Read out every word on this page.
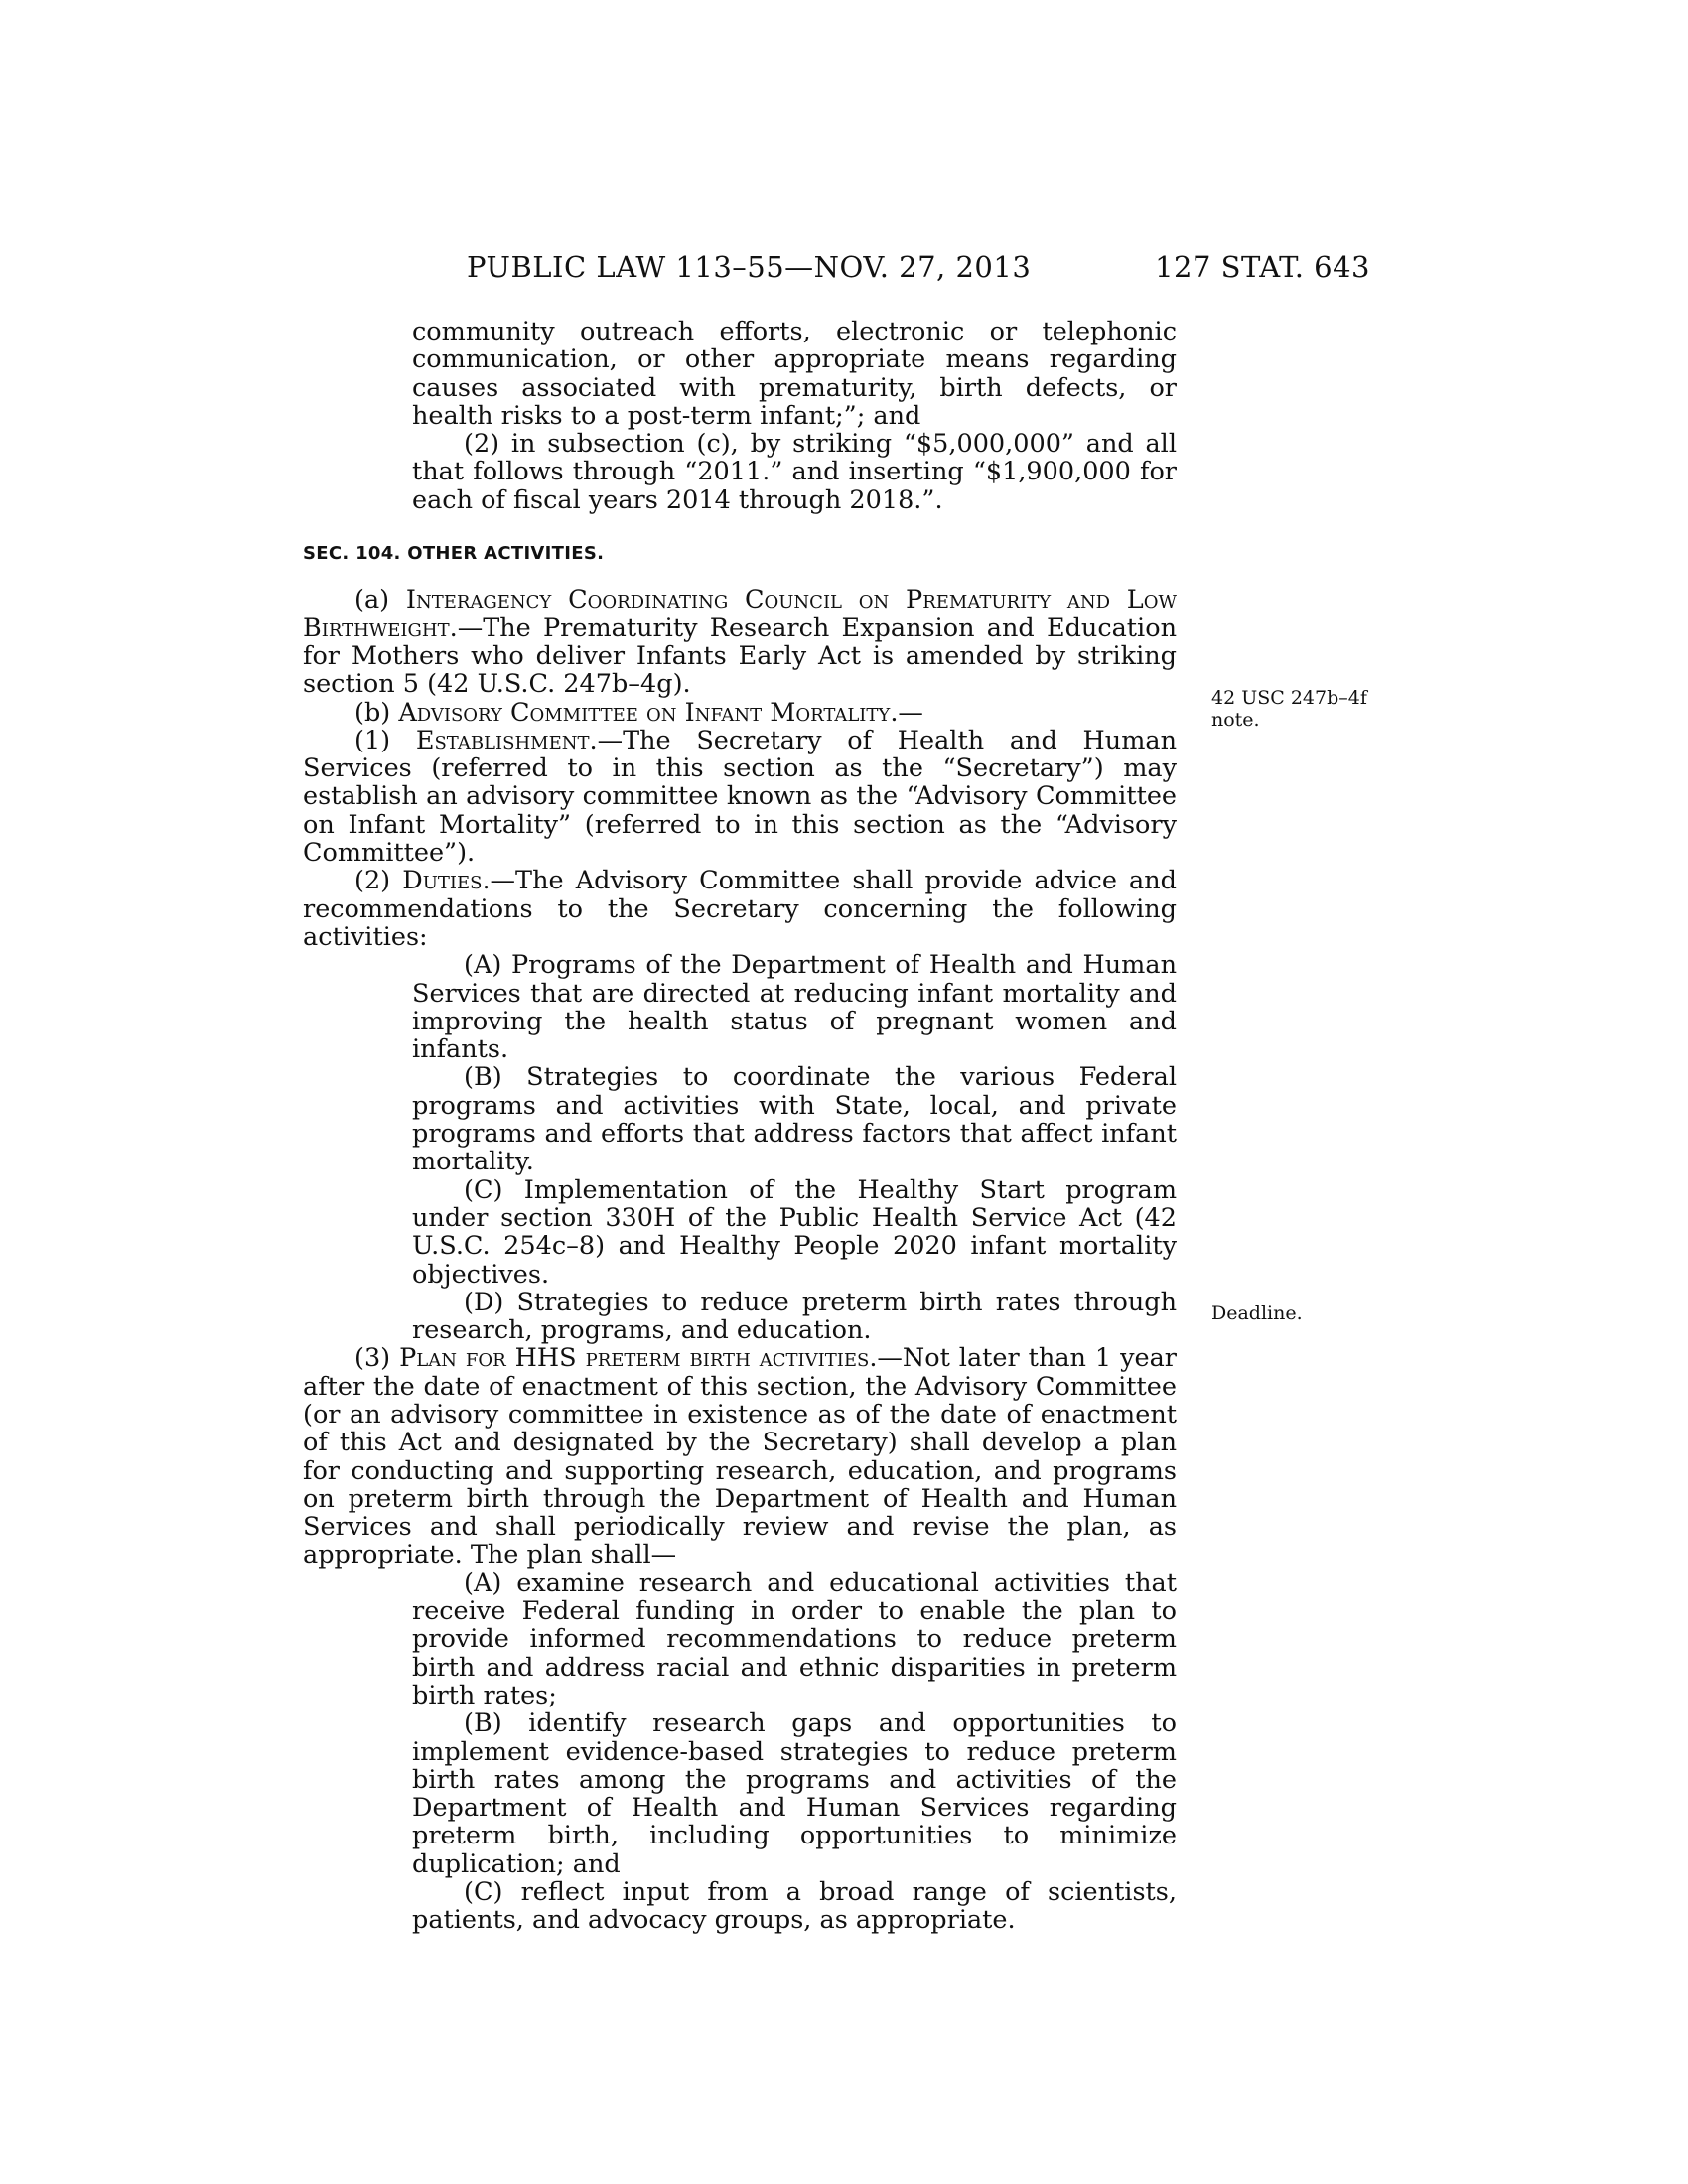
PUBLIC LAW 113–55—NOV. 27, 2013	127 STAT. 643
42 USC 247b–4f
note.
Deadline.

community outreach efforts, electronic or telephonic communication, or other appropriate means regarding causes associated with prematurity, birth defects, or health risks to a post-term infant;”; and

(2) in subsection (c), by striking “$5,000,000” and all that follows through “2011.” and inserting “$1,900,000 for each of fiscal years 2014 through 2018.”.

SEC. 104. OTHER ACTIVITIES.

(a) Interagency Coordinating Council on Prematurity and Low Birthweight.—The Prematurity Research Expansion and Education for Mothers who deliver Infants Early Act is amended by striking section 5 (42 U.S.C. 247b–4g).

(b) Advisory Committee on Infant Mortality.—

(1) Establishment.—The Secretary of Health and Human Services (referred to in this section as the “Secretary”) may establish an advisory committee known as the “Advisory Committee on Infant Mortality” (referred to in this section as the “Advisory Committee”).

(2) Duties.—The Advisory Committee shall provide advice and recommendations to the Secretary concerning the following activities:

(A) Programs of the Department of Health and Human Services that are directed at reducing infant mortality and improving the health status of pregnant women and infants.

(B) Strategies to coordinate the various Federal programs and activities with State, local, and private programs and efforts that address factors that affect infant mortality.

(C) Implementation of the Healthy Start program under section 330H of the Public Health Service Act (42 U.S.C. 254c–8) and Healthy People 2020 infant mortality objectives.

(D) Strategies to reduce preterm birth rates through research, programs, and education.

(3) Plan for HHS preterm birth activities.—Not later than 1 year after the date of enactment of this section, the Advisory Committee (or an advisory committee in existence as of the date of enactment of this Act and designated by the Secretary) shall develop a plan for conducting and supporting research, education, and programs on preterm birth through the Department of Health and Human Services and shall periodically review and revise the plan, as appropriate. The plan shall—

(A) examine research and educational activities that receive Federal funding in order to enable the plan to provide informed recommendations to reduce preterm birth and address racial and ethnic disparities in preterm birth rates;

(B) identify research gaps and opportunities to implement evidence-based strategies to reduce preterm birth rates among the programs and activities of the Department of Health and Human Services regarding preterm birth, including opportunities to minimize duplication; and

(C) reflect input from a broad range of scientists, patients, and advocacy groups, as appropriate.
